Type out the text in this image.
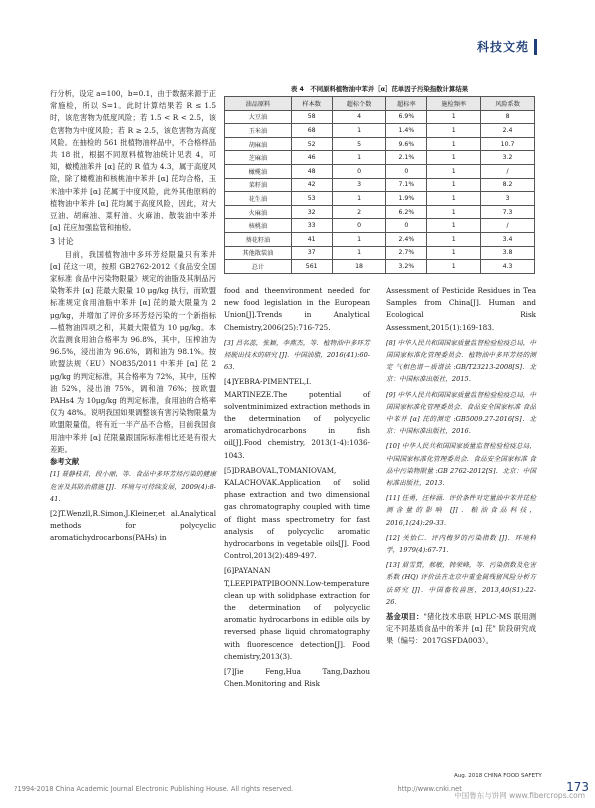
科技文苑

行分析，设定 a=100，b=0.1，由于数据来源于正常施检，所以 S=1。此时计算结果若 R ≤ 1.5 时，该危害物为低度风险；若 1.5 < R < 2.5，该危害物为中度风险；若 R ≥ 2.5，该危害物为高度风险。在抽检的 561 批植物油样品中，不合格样品共 18 批，根据不同原料植物油统计见表 4，可知，橄榄油苯并 [α] 芘的 R 值为 4.3，属于高度风险，除了橄榄油和核桃油中苯并 [α] 芘均合格，玉米油中苯并 [α] 芘属于中度风险，此外其他原料的植物油中苯并 [α] 芘均属于高度风险，因此，对大豆油、胡麻油、菜籽油、火麻油、散装油中苯并 [α] 芘应加强监管和抽检。

3 讨论

目前，我国植物油中多环芳烃限量只有苯并 [α] 芘这一项，按照 GB2762-2012《食品安全国家标准 食品中污染物限量》规定的油脂及其制品污染物苯并 [α] 芘最大限量 10 μg/kg 执行，而欧盟标准规定食用油脂中苯并 [α] 芘的最大限量为 2 μg/kg，并增加了评价多环芳烃污染的一个新指标—植物油四项之和，其最大限值为 10 μg/kg。本次监测食用油合格率为 96.8%，其中，压榨油为 96.5%，浸出油为 96.6%，调和油为 98.1%。按欧盟法规（EU）NO835/2011 中苯并 [α] 芘 2 μg/kg 的判定标准，其合格率为 72%，其中，压榨油 52%，浸出油 75%，调和油 76%；按欧盟 PAHs4 为 10μg/kg 的判定标准，食用油的合格率仅为 48%。说明我国如果调整该有害污染物限量为欧盟限量值，将有近一半产品不合格，目前我国食用油中苯并 [α] 芘限量跟国际标准相比还是有很大差距。

参考文献

[1] 聂静枝君，段小丽，等．食品中多环芳烃污染的健康危害及其防治措施 [J]．环境与可持续发展，2009(4):8-41．

[2]T.Wenzll,R.Simon,J.Kleiner,et al.Analytical methods for polycyclic aromatichydrocarbons(PAHs) in

表 4　不同原料植物油中苯并［α］芘单因子污染指数计算结果
油品原料	样本数	超标个数	超标率	施检频率	风险系数
大豆油	58	4	6.9%	1	8
玉米油	68	1	1.4%	1	2.4
胡麻油	52	5	9.6%	1	10.7
芝麻油	46	1	2.1%	1	3.2
橄榄油	48	0	0	1	/
菜籽油	42	3	7.1%	1	8.2
花生油	53	1	1.9%	1	3
火麻油	32	2	6.2%	1	7.3
核桃油	33	0	0	1	/
葵花籽油	41	1	2.4%	1	3.4
其他散装油	37	1	2.7%	1	3.8
总计	561	18	3.2%	1	4.3

food and theenvironment needed for new food legislation in the European Union[J].Trends in Analytical Chemistry,2006(25):716-725.

[3] 吕名蕊，张颖，李燕杰，等．植物油中多环芳烃脱出技术的研究 [J]．中国油脂，2016(41):60-63．

[4]YEBRA-PIMENTEL,I. MARTINEZE.The potential of solventminimized extraction methods in the determination of polycyclic aromatichydrocarbons in fish oil[J].Food chemistry, 2013(1-4):1036-1043.

[5]DRABOVAL,TOMANIOVAM, KALACHOVAK.Application of solid phase extraction and two dimensional gas chromatography coupled with time of flight mass spectrometry for fast analysis of polycyclic aromatic hydrocarbons in vegetable oils[J]. Food Control,2013(2):489-497.

[6]PAYANAN T,LEEPIPATPIBOONN.Low-temperature clean up with solidphase extraction for the determination of polycyclic aromatic hydrocarbons in edible oils by reversed phase liquid chromatography with fluorescence detection[J]. Food chemistry,2013(3).

[7]Jie Feng,Hua Tang,Dazhou Chen.Monitoring and Risk

Assessment of Pesticide Residues in Tea Samples from China[J]. Human and Ecological Risk Assessment,2015(1):169-183.

[8] 中华人民共和国国家质量监督检验检疫总局，中国国家标准化管理委员会．植物油中多环芳烃的测定 气相色谱－质谱法 :GB/T23213-2008[S]．北京：中国标准出版社，2015．

[9] 中华人民共和国国家质量监督检验检疫总局，中国国家标准化管理委员会．食品安全国家标准 食品中苯并 [α] 芘的测定 :GB5009.27-2016[S]．北京：中国标准出版社，2016．

[10] 中华人民共和国国家质量监督检验检疫总局，中国国家标准化管理委员会．食品安全国家标准 食品中污染物限量 :GB 2762-2012[S]．北京：中国标准出版社，2013．

[11] 任勇，汪梓涵．评价条件对定量油中苯并芘检测含量的影响 [J]．粮油食品科技，2016,1(24):29-33．

[12] 关怡仁．评内梅罗的污染指数 [J]．环境科学，1979(4):67-71．

[13] 眉雪贾，郝敏，韩荣峰，等．污染指数及危害系数 (HQ) 评价法在北京中重金属残留风险分析方法研究 [J]．中国畜牧兽医，2013,40(S1):22-26．

基金项目："猪化技术串联 HPLC-MS 联用测定不同基质食品中的苯并 [α] 芘" 阶段研究成果（编号：2017GSFDA003）。

?1994-2018 China Academic Journal Electronic Publishing House. All rights reserved.
Aug. 2018 CHINA FOOD SAFETY
http://www.cnki.net	173
中国鲁东与饼网 www.fibercrops.com
